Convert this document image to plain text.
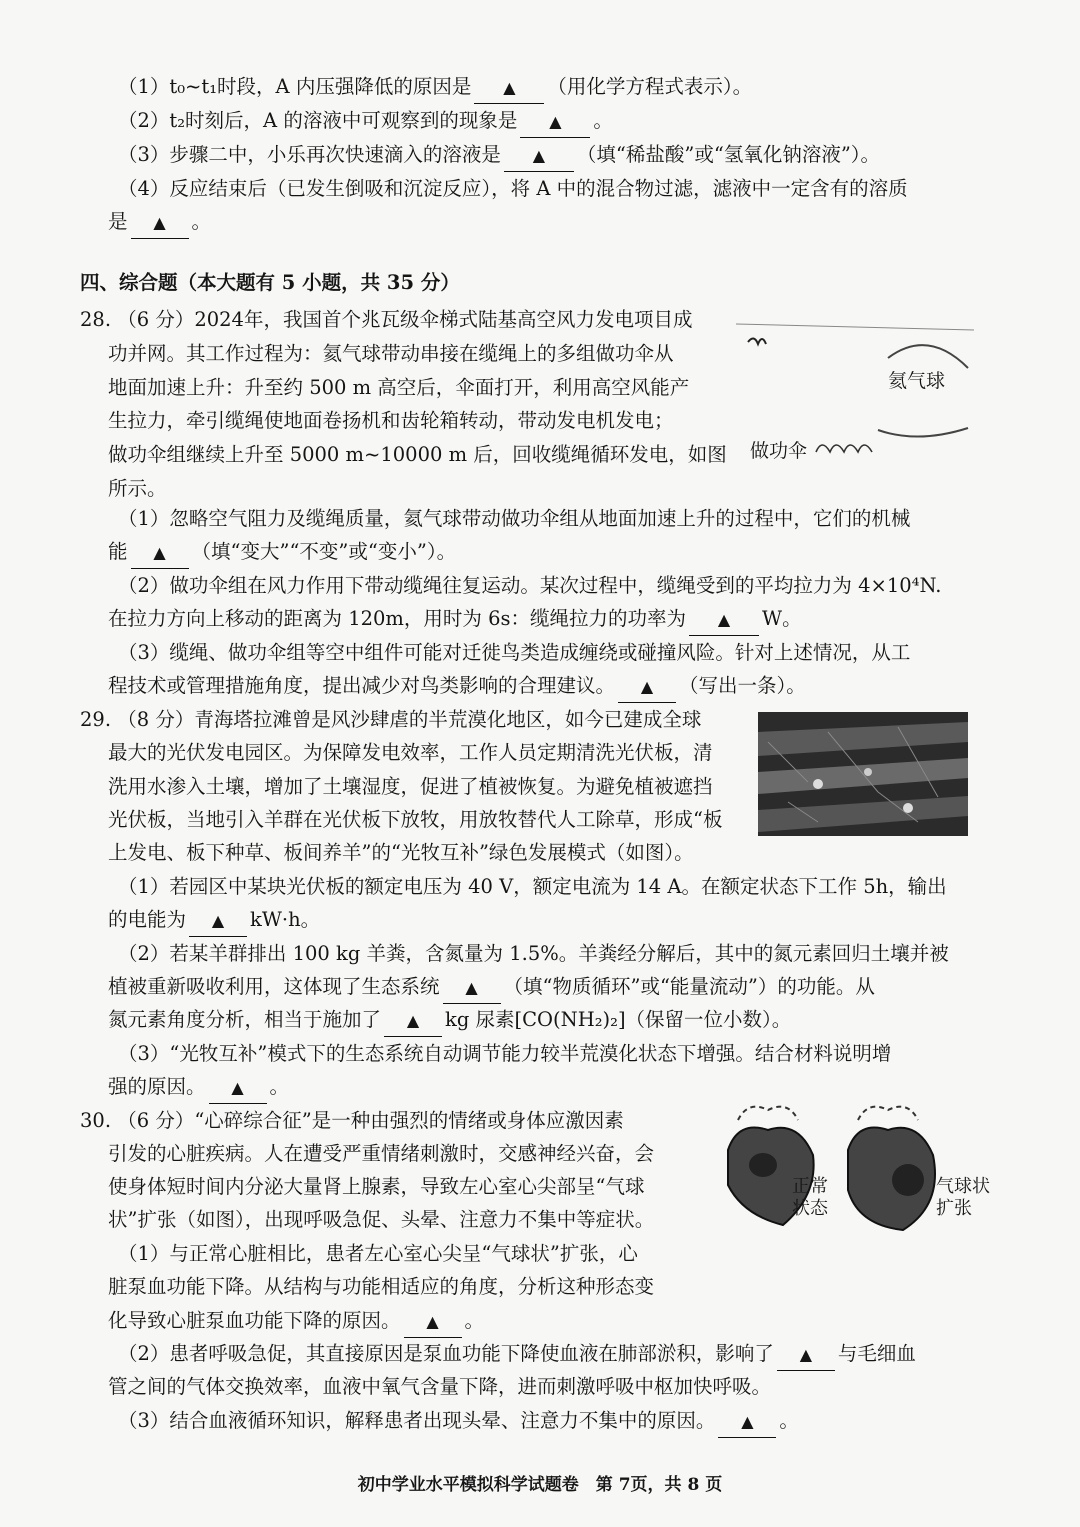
（1）t₀~t₁时段，A 内压强降低的原因是 ▲ （用化学方程式表示）。
（2）t₂时刻后，A 的溶液中可观察到的现象是 ▲ 。
（3）步骤二中，小乐再次快速滴入的溶液是 ▲ （填“稀盐酸”或“氢氧化钠溶液”）。
（4）反应结束后（已发生倒吸和沉淀反应），将 A 中的混合物过滤，滤液中一定含有的溶质
是 ▲ 。
四、综合题（本大题有 5 小题，共 35 分）
28. （6 分）2024年，我国首个兆瓦级伞梯式陆基高空风力发电项目成
功并网。其工作过程为：氦气球带动串接在缆绳上的多组做功伞从
地面加速上升：升至约 500 m 高空后，伞面打开，利用高空风能产
生拉力，牵引缆绳使地面卷扬机和齿轮箱转动，带动发电机发电；
做功伞组继续上升至 5000 m~10000 m 后，回收缆绳循环发电，如图
所示。
氦气球
做功伞
（1）忽略空气阻力及缆绳质量，氦气球带动做功伞组从地面加速上升的过程中，它们的机械
能 ▲ （填“变大”“不变”或“变小”）。
（2）做功伞组在风力作用下带动缆绳往复运动。某次过程中，缆绳受到的平均拉力为 4×10⁴N.
在拉力方向上移动的距离为 120m，用时为 6s：缆绳拉力的功率为 ▲ W。
（3）缆绳、做功伞组等空中组件可能对迁徙鸟类造成缠绕或碰撞风险。针对上述情况，从工
程技术或管理措施角度，提出减少对鸟类影响的合理建议。 ▲ （写出一条）。
29. （8 分）青海塔拉滩曾是风沙肆虐的半荒漠化地区，如今已建成全球
最大的光伏发电园区。为保障发电效率，工作人员定期清洗光伏板，清
洗用水渗入土壤，增加了土壤湿度，促进了植被恢复。为避免植被遮挡
光伏板，当地引入羊群在光伏板下放牧，用放牧替代人工除草，形成“板
上发电、板下种草、板间养羊”的“光牧互补”绿色发展模式（如图）。
（1）若园区中某块光伏板的额定电压为 40 V，额定电流为 14 A。在额定状态下工作 5h，输出
的电能为 ▲ kW·h。
（2）若某羊群排出 100 kg 羊粪，含氮量为 1.5%。羊粪经分解后，其中的氮元素回归土壤并被
植被重新吸收利用，这体现了生态系统 ▲ （填“物质循环”或“能量流动”）的功能。从
氮元素角度分析，相当于施加了 ▲ kg 尿素[CO(NH₂)₂]（保留一位小数）。
（3）“光牧互补”模式下的生态系统自动调节能力较半荒漠化状态下增强。结合材料说明增
强的原因。 ▲ 。
30. （6 分）“心碎综合征”是一种由强烈的情绪或身体应激因素
引发的心脏疾病。人在遭受严重情绪刺激时，交感神经兴奋，会
使身体短时间内分泌大量肾上腺素，导致左心室心尖部呈“气球
状”扩张（如图），出现呼吸急促、头晕、注意力不集中等症状。
正常状态
气球状扩张
（1）与正常心脏相比，患者左心室心尖呈“气球状”扩张，心
脏泵血功能下降。从结构与功能相适应的角度，分析这种形态变
化导致心脏泵血功能下降的原因。 ▲ 。
（2）患者呼吸急促，其直接原因是泵血功能下降使血液在肺部淤积，影响了 ▲ 与毛细血
管之间的气体交换效率，血液中氧气含量下降，进而刺激呼吸中枢加快呼吸。
（3）结合血液循环知识，解释患者出现头晕、注意力不集中的原因。 ▲ 。
初中学业水平模拟科学试题卷　第 7页，共 8 页
